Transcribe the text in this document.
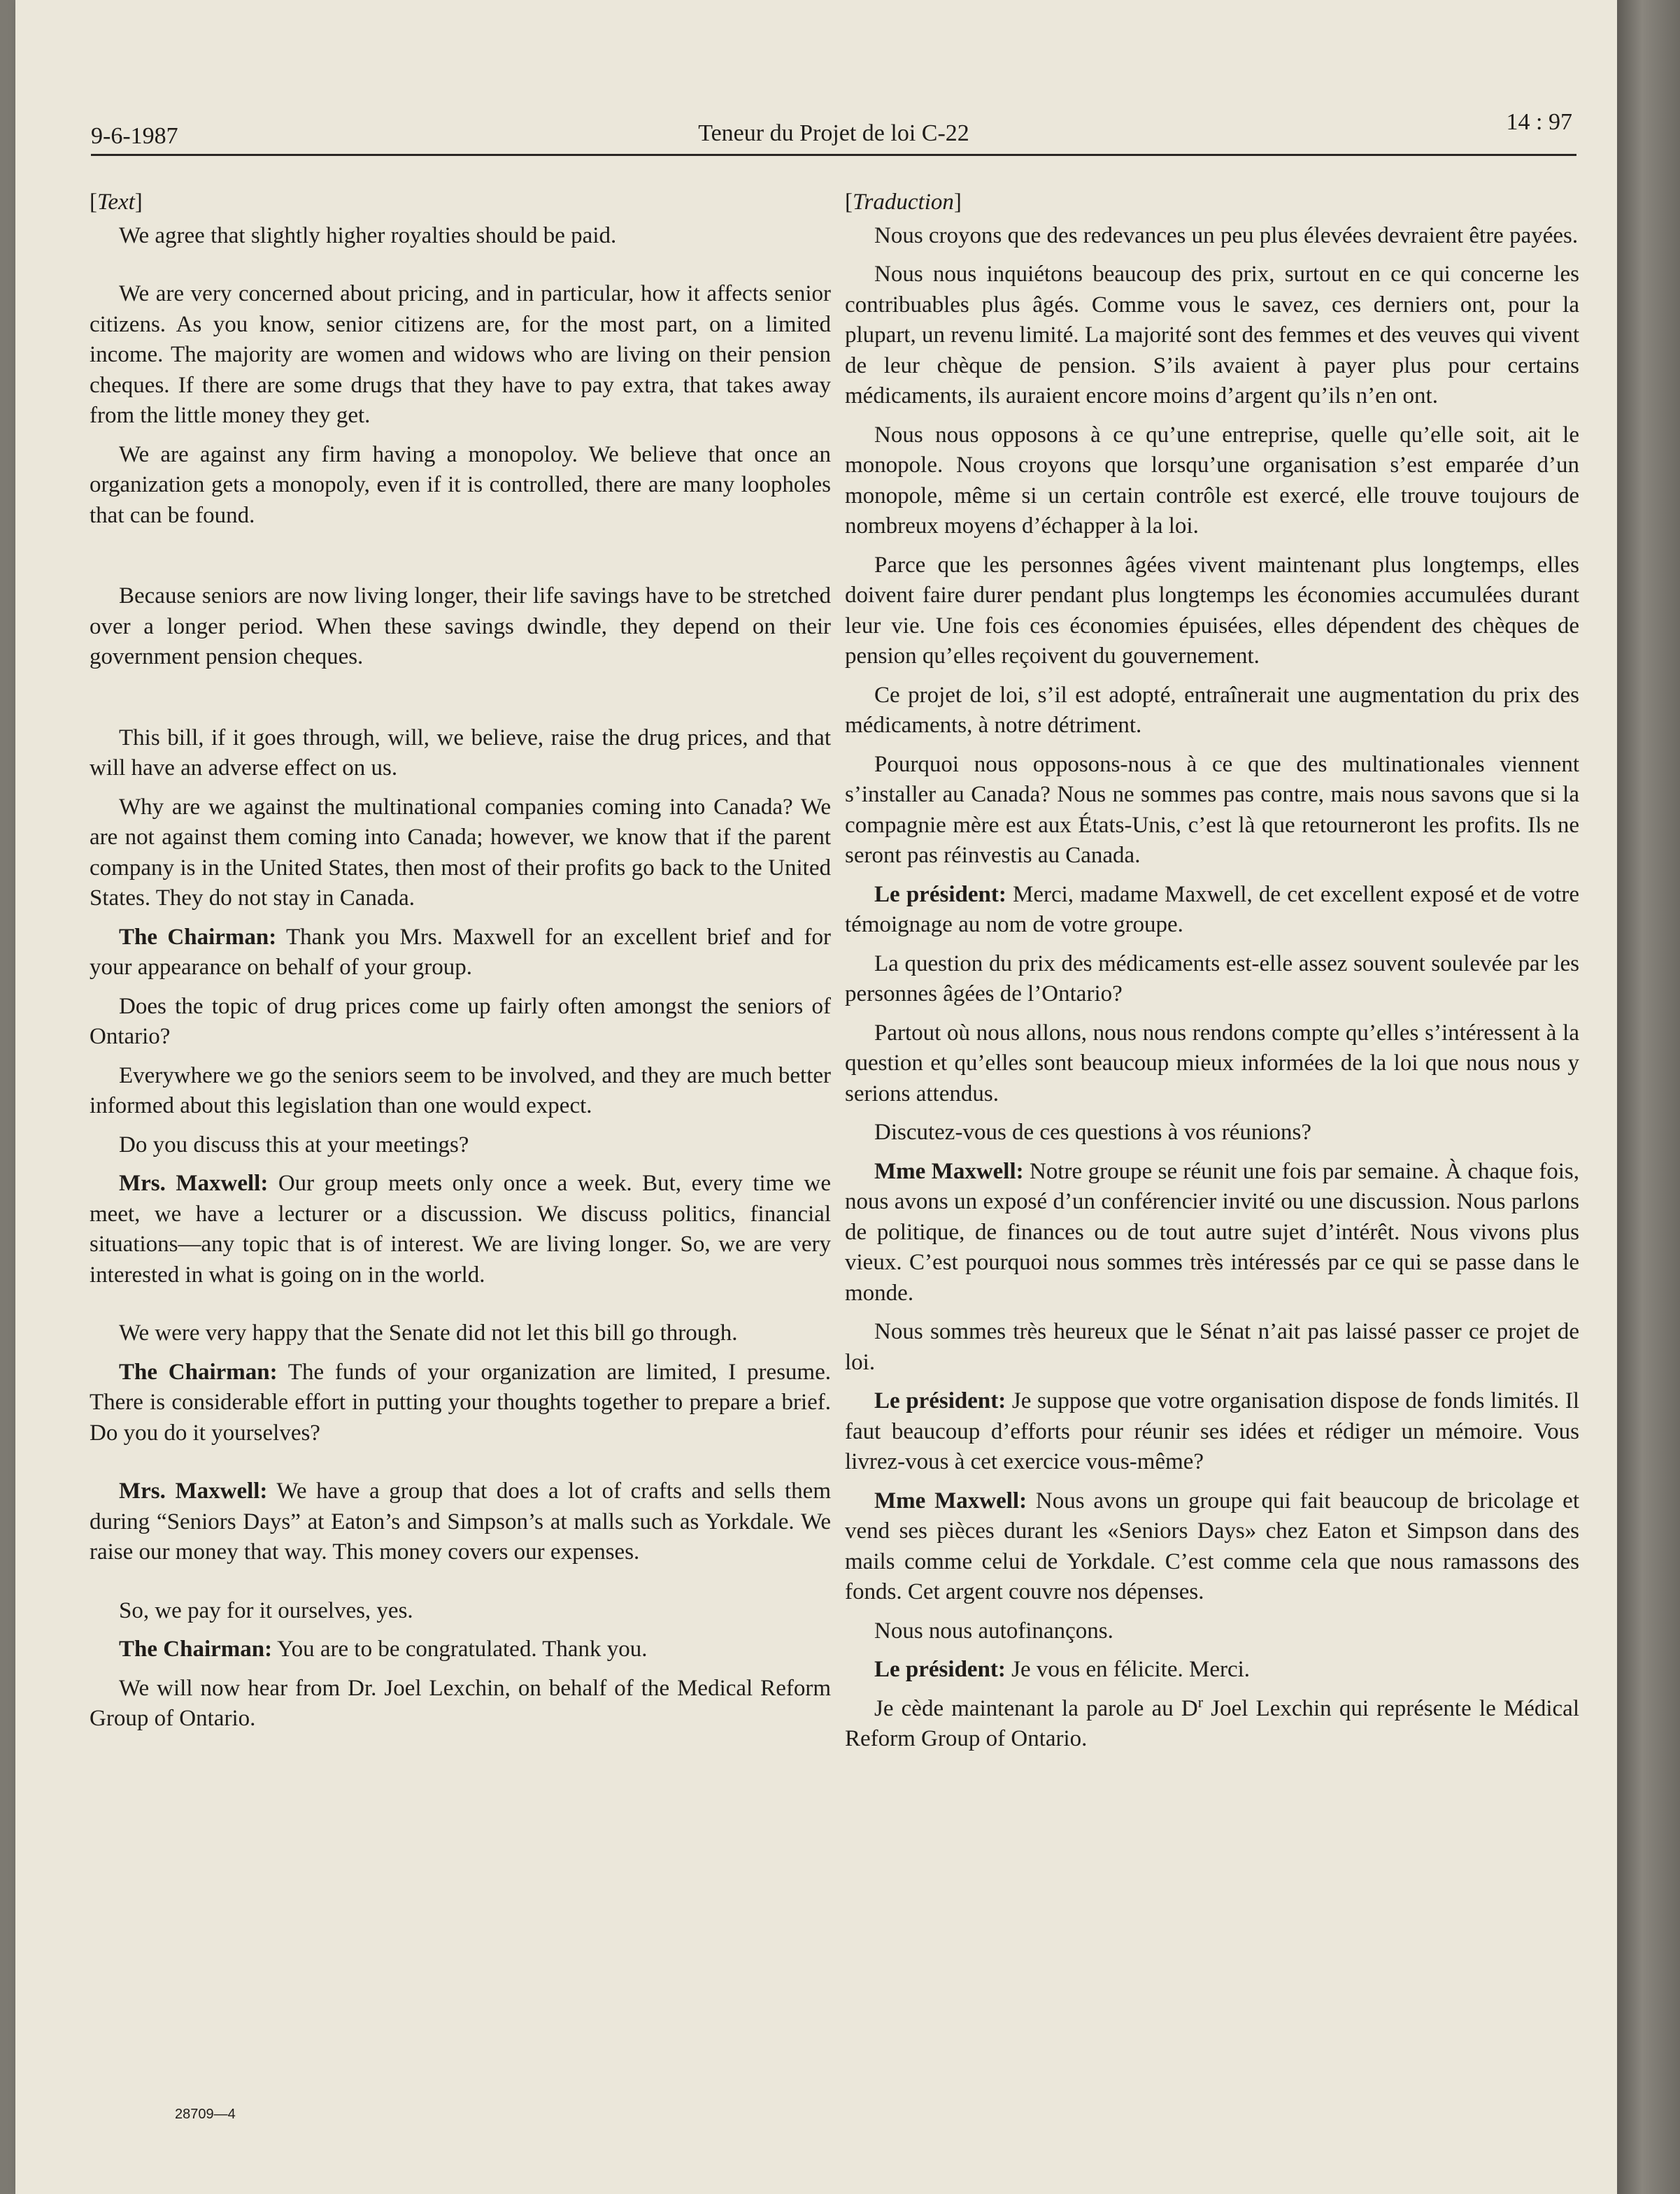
9-6-1987	Teneur du Projet de loi C-22	14 : 97

[Text]

We agree that slightly higher royalties should be paid.

We are very concerned about pricing, and in particular, how it affects senior citizens. As you know, senior citizens are, for the most part, on a limited income. The majority are women and widows who are living on their pension cheques. If there are some drugs that they have to pay extra, that takes away from the little money they get.

We are against any firm having a monopoloy. We believe that once an organization gets a monopoly, even if it is controlled, there are many loopholes that can be found.

Because seniors are now living longer, their life savings have to be stretched over a longer period. When these savings dwindle, they depend on their government pension cheques.

This bill, if it goes through, will, we believe, raise the drug prices, and that will have an adverse effect on us.

Why are we against the multinational companies coming into Canada? We are not against them coming into Canada; however, we know that if the parent company is in the United States, then most of their profits go back to the United States. They do not stay in Canada.

The Chairman: Thank you Mrs. Maxwell for an excellent brief and for your appearance on behalf of your group.

Does the topic of drug prices come up fairly often amongst the seniors of Ontario?

Everywhere we go the seniors seem to be involved, and they are much better informed about this legislation than one would expect.

Do you discuss this at your meetings?

Mrs. Maxwell: Our group meets only once a week. But, every time we meet, we have a lecturer or a discussion. We discuss politics, financial situations—any topic that is of interest. We are living longer. So, we are very interested in what is going on in the world.

We were very happy that the Senate did not let this bill go through.

The Chairman: The funds of your organization are limited, I presume. There is considerable effort in putting your thoughts together to prepare a brief. Do you do it yourselves?

Mrs. Maxwell: We have a group that does a lot of crafts and sells them during “Seniors Days” at Eaton’s and Simpson’s at malls such as Yorkdale. We raise our money that way. This money covers our expenses.

So, we pay for it ourselves, yes.

The Chairman: You are to be congratulated. Thank you.

We will now hear from Dr. Joel Lexchin, on behalf of the Medical Reform Group of Ontario.

[Traduction]

Nous croyons que des redevances un peu plus élevées devraient être payées.

Nous nous inquiétons beaucoup des prix, surtout en ce qui concerne les contribuables plus âgés. Comme vous le savez, ces derniers ont, pour la plupart, un revenu limité. La majorité sont des femmes et des veuves qui vivent de leur chèque de pension. S’ils avaient à payer plus pour certains médicaments, ils auraient encore moins d’argent qu’ils n’en ont.

Nous nous opposons à ce qu’une entreprise, quelle qu’elle soit, ait le monopole. Nous croyons que lorsqu’une organisation s’est emparée d’un monopole, même si un certain contrôle est exercé, elle trouve toujours de nombreux moyens d’échapper à la loi.

Parce que les personnes âgées vivent maintenant plus longtemps, elles doivent faire durer pendant plus longtemps les économies accumulées durant leur vie. Une fois ces économies épuisées, elles dépendent des chèques de pension qu’elles reçoivent du gouvernement.

Ce projet de loi, s’il est adopté, entraînerait une augmentation du prix des médicaments, à notre détriment.

Pourquoi nous opposons-nous à ce que des multinationales viennent s’installer au Canada? Nous ne sommes pas contre, mais nous savons que si la compagnie mère est aux États-Unis, c’est là que retourneront les profits. Ils ne seront pas réinvestis au Canada.

Le président: Merci, madame Maxwell, de cet excellent exposé et de votre témoignage au nom de votre groupe.

La question du prix des médicaments est-elle assez souvent soulevée par les personnes âgées de l’Ontario?

Partout où nous allons, nous nous rendons compte qu’elles s’intéressent à la question et qu’elles sont beaucoup mieux informées de la loi que nous nous y serions attendus.

Discutez-vous de ces questions à vos réunions?

Mme Maxwell: Notre groupe se réunit une fois par semaine. À chaque fois, nous avons un exposé d’un conférencier invité ou une discussion. Nous parlons de politique, de finances ou de tout autre sujet d’intérêt. Nous vivons plus vieux. C’est pourquoi nous sommes très intéressés par ce qui se passe dans le monde.

Nous sommes très heureux que le Sénat n’ait pas laissé passer ce projet de loi.

Le président: Je suppose que votre organisation dispose de fonds limités. Il faut beaucoup d’efforts pour réunir ses idées et rédiger un mémoire. Vous livrez-vous à cet exercice vous-même?

Mme Maxwell: Nous avons un groupe qui fait beaucoup de bricolage et vend ses pièces durant les «Seniors Days» chez Eaton et Simpson dans des mails comme celui de Yorkdale. C’est comme cela que nous ramassons des fonds. Cet argent couvre nos dépenses.

Nous nous autofinançons.

Le président: Je vous en félicite. Merci.

Je cède maintenant la parole au $D^r$ Joel Lexchin qui représente le Médical Reform Group of Ontario.

28709—4
